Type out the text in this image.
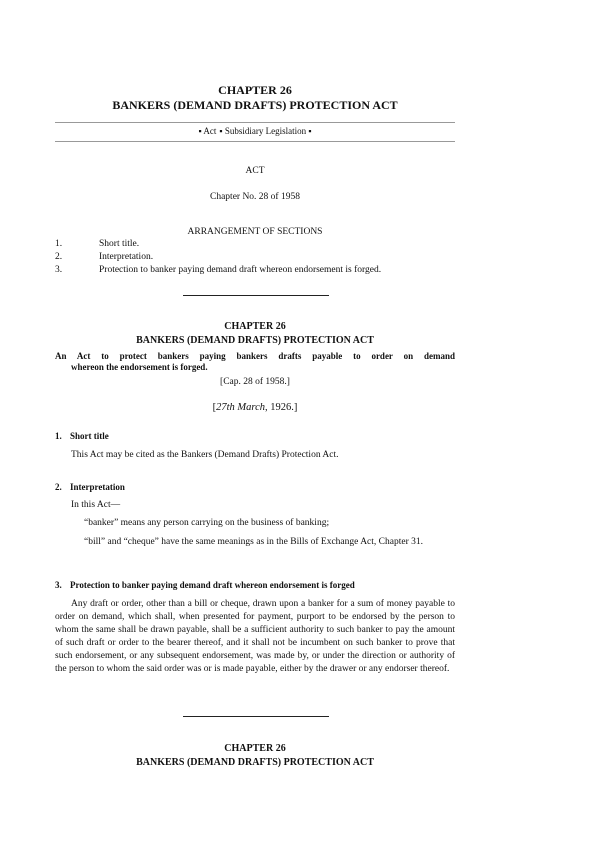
CHAPTER 26
BANKERS (DEMAND DRAFTS) PROTECTION ACT
▪ Act ▪ Subsidiary Legislation ▪
ACT
Chapter No. 28 of 1958
ARRANGEMENT OF SECTIONS
1.	Short title.
2.	Interpretation.
3.	Protection to banker paying demand draft whereon endorsement is forged.
CHAPTER 26
BANKERS (DEMAND DRAFTS) PROTECTION ACT
An Act to protect bankers paying bankers drafts payable to order on demand
whereon the endorsement is forged.
[Cap. 28 of 1958.]
[27th March, 1926.]
1. Short title
This Act may be cited as the Bankers (Demand Drafts) Protection Act.
2. Interpretation
In this Act—
“banker” means any person carrying on the business of banking;
“bill” and “cheque” have the same meanings as in the Bills of Exchange Act, Chapter 31.
3. Protection to banker paying demand draft whereon endorsement is forged
Any draft or order, other than a bill or cheque, drawn upon a banker for a sum of money payable to order on demand, which shall, when presented for payment, purport to be endorsed by the person to whom the same shall be drawn payable, shall be a sufficient authority to such banker to pay the amount of such draft or order to the bearer thereof, and it shall not be incumbent on such banker to prove that such endorsement, or any subsequent endorsement, was made by, or under the direction or authority of the person to whom the said order was or is made payable, either by the drawer or any endorser thereof.
CHAPTER 26
BANKERS (DEMAND DRAFTS) PROTECTION ACT
